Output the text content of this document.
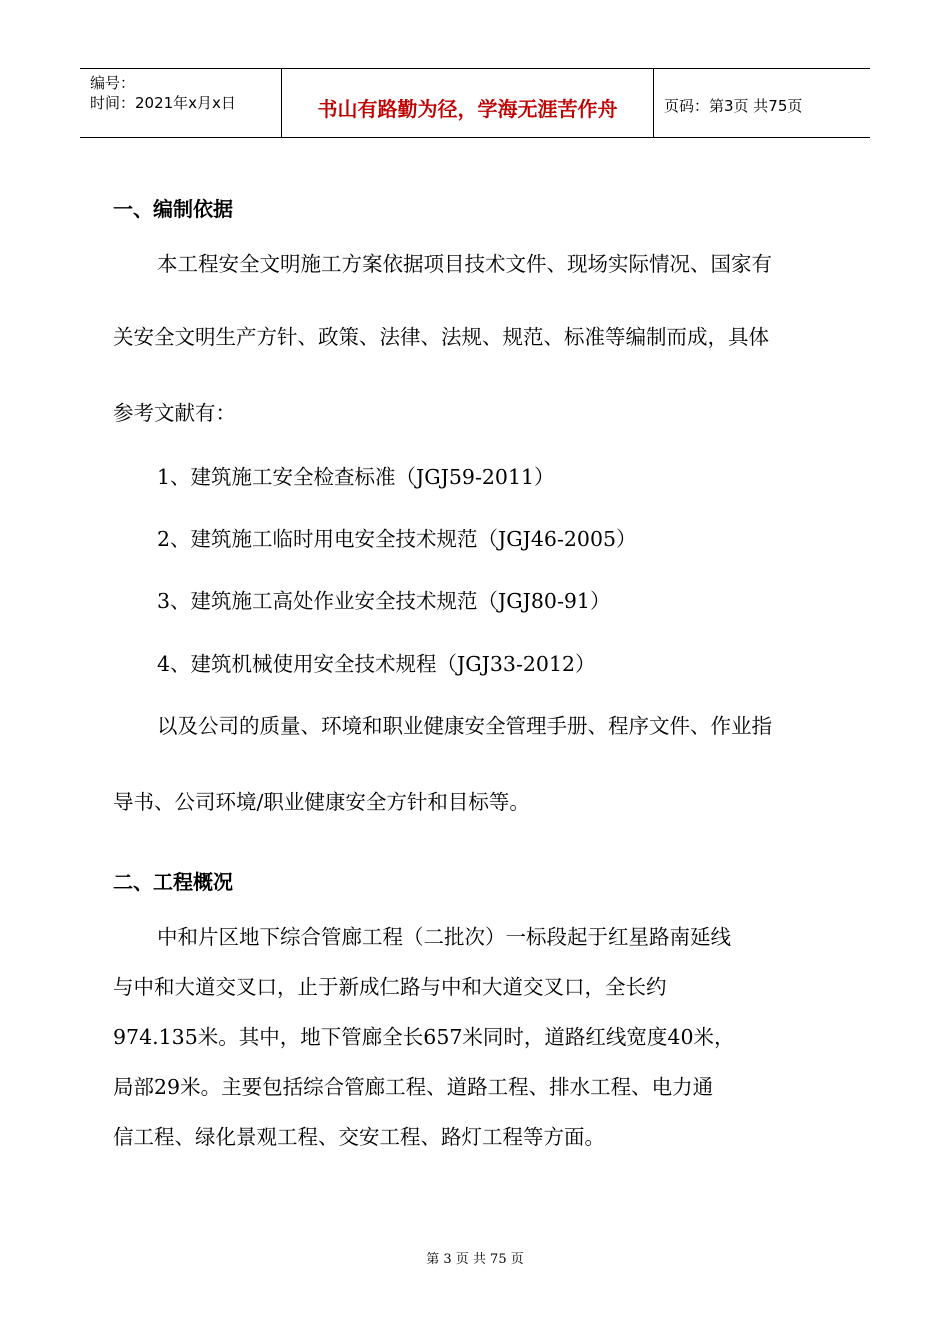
编号：
时间：2021年x月x日	书山有路勤为径，学海无涯苦作舟	页码：第3页 共75页
一、编制依据
本工程安全文明施工方案依据项目技术文件、现场实际情况、国家有
关安全文明生产方针、政策、法律、法规、规范、标准等编制而成，具体
参考文献有：
1、建筑施工安全检查标准（JGJ59-2011）
2、建筑施工临时用电安全技术规范（JGJ46-2005）
3、建筑施工高处作业安全技术规范（JGJ80-91）
4、建筑机械使用安全技术规程（JGJ33-2012）
以及公司的质量、环境和职业健康安全管理手册、程序文件、作业指
导书、公司环境/职业健康安全方针和目标等。
二、工程概况
中和片区地下综合管廊工程（二批次）一标段起于红星路南延线
与中和大道交叉口，止于新成仁路与中和大道交叉口，全长约
974.135米。其中，地下管廊全长657米同时，道路红线宽度40米，
局部29米。主要包括综合管廊工程、道路工程、排水工程、电力通
信工程、绿化景观工程、交安工程、路灯工程等方面。
第 3 页 共 75 页
